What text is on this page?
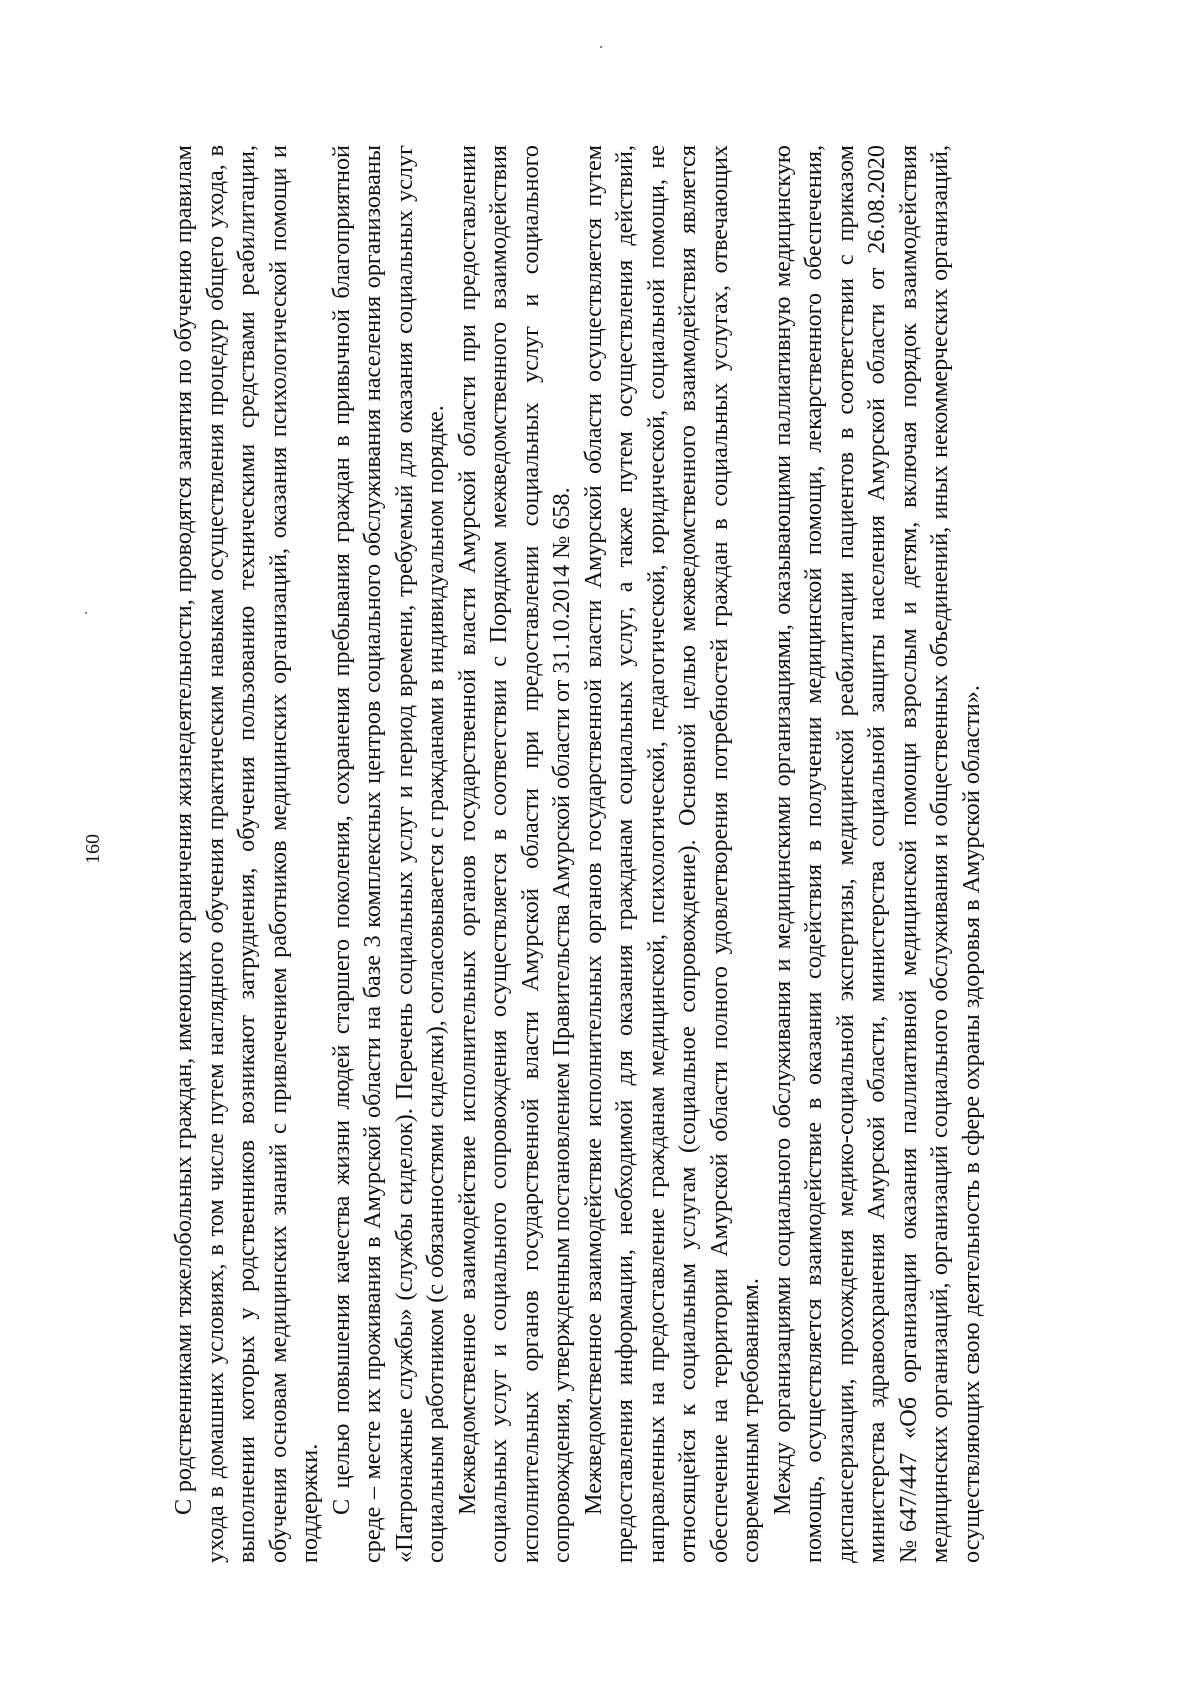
160	С родственниками тяжелобольных граждан, имеющих ограничения жизнедеятельности, проводятся занятия по обучению правилам ухода в домашних условиях, в том числе путем наглядного обучения практическим навыкам осуществления процедур общего ухода, в выполнении которых у родственников возникают затруднения, обучения пользованию техническими средствами реабилитации, обучения основам медицинских знаний с привлечением работников медицинских организаций, оказания психологической помощи и поддержки. С целью повышения качества жизни людей старшего поколения, сохранения пребывания граждан в привычной благоприятной среде – месте их проживания в Амурской области на базе 3 комплексных центров социального обслуживания населения организованы «Патронажные службы» (службы сиделок). Перечень социальных услуг и период времени, требуемый для оказания социальных услуг социальным работником (с обязанностями сиделки), согласовывается с гражданами в индивидуальном порядке. Межведомственное взаимодействие исполнительных органов государственной власти Амурской области при предоставлении социальных услуг и социального сопровождения осуществляется в соответствии с Порядком межведомственного взаимодействия исполнительных органов государственной власти Амурской области при предоставлении социальных услуг и социального сопровождения, утвержденным постановлением Правительства Амурской области от 31.10.2014 № 658. Межведомственное взаимодействие исполнительных органов государственной власти Амурской области осуществляется путем предоставления информации, необходимой для оказания гражданам социальных услуг, а также путем осуществления действий, направленных на предоставление гражданам медицинской, психологической, педагогической, юридической, социальной помощи, не относящейся к социальным услугам (социальное сопровождение). Основной целью межведомственного взаимодействия является обеспечение на территории Амурской области полного удовлетворения потребностей граждан в социальных услугах, отвечающих современным требованиям. Между организациями социального обслуживания и медицинскими организациями, оказывающими паллиативную медицинскую помощь, осуществляется взаимодействие в оказании содействия в получении медицинской помощи, лекарственного обеспечения, диспансеризации, прохождения медико-социальной экспертизы, медицинской реабилитации пациентов в соответствии с приказом министерства здравоохранения Амурской области, министерства социальной защиты населения Амурской области от 26.08.2020 №647/447 «Об организации оказания паллиативной медицинской помощи взрослым и детям, включая порядок взаимодействия медицинских организаций, организаций социального обслуживания и общественных объединений, иных некоммерческих организаций, осуществляющих свою деятельность в сфере охраны здоровья в Амурской области».
